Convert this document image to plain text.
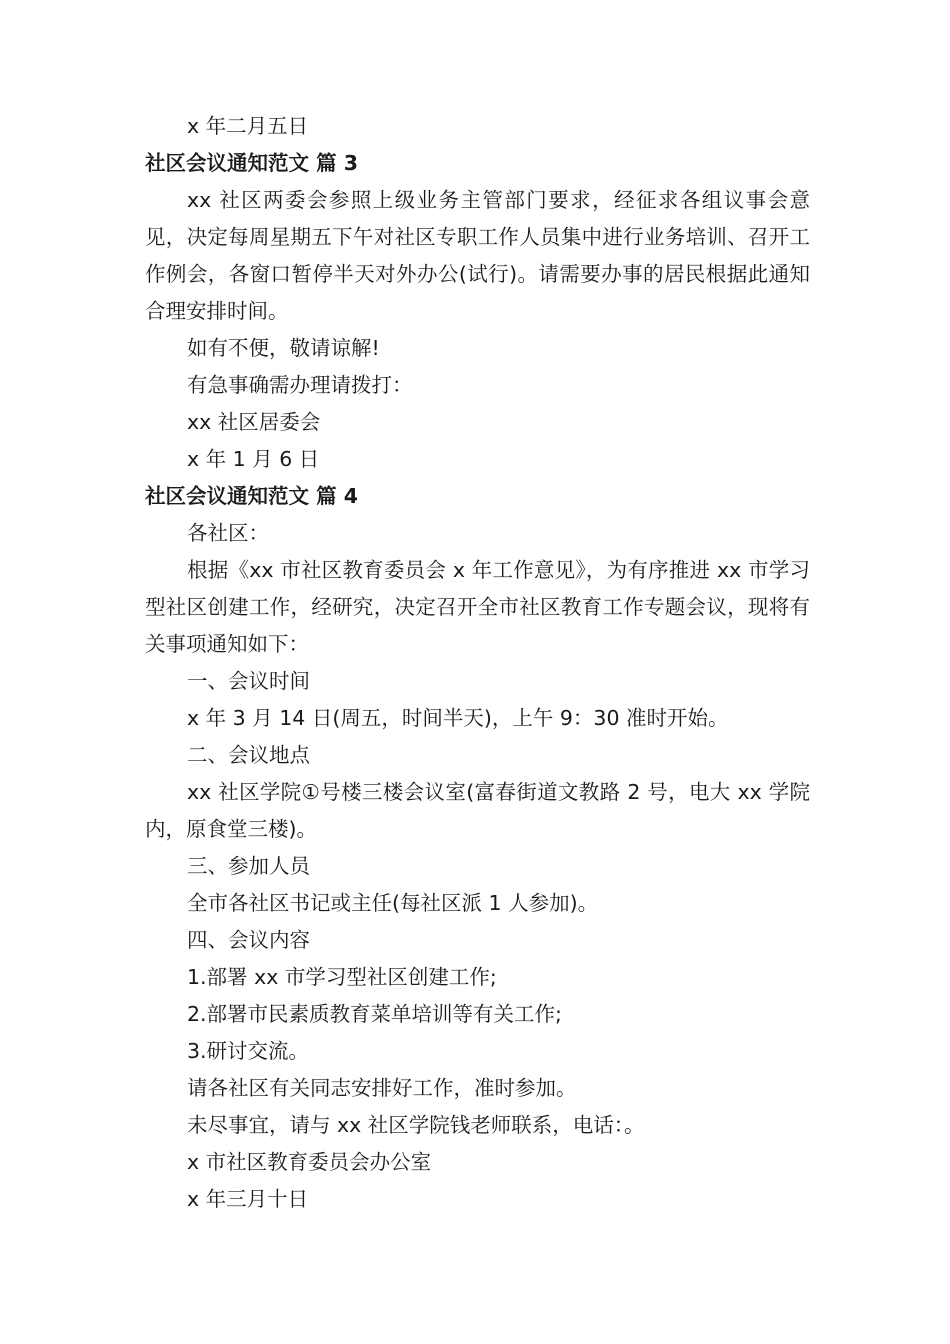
x 年二月五日

社区会议通知范文 篇 3

xx 社区两委会参照上级业务主管部门要求，经征求各组议事会意见，决定每周星期五下午对社区专职工作人员集中进行业务培训、召开工作例会，各窗口暂停半天对外办公(试行)。请需要办事的居民根据此通知合理安排时间。

如有不便，敬请谅解!

有急事确需办理请拨打：

xx 社区居委会

x 年 1 月 6 日

社区会议通知范文 篇 4

各社区：

根据《xx 市社区教育委员会 x 年工作意见》，为有序推进 xx 市学习型社区创建工作，经研究，决定召开全市社区教育工作专题会议，现将有关事项通知如下：

一、会议时间

x 年 3 月 14 日(周五，时间半天)，上午 9：30 准时开始。

二、会议地点

xx 社区学院①号楼三楼会议室(富春街道文教路 2 号，电大 xx 学院内，原食堂三楼)。

三、参加人员

全市各社区书记或主任(每社区派 1 人参加)。

四、会议内容

1.部署 xx 市学习型社区创建工作;

2.部署市民素质教育菜单培训等有关工作;

3.研讨交流。

请各社区有关同志安排好工作，准时参加。

未尽事宜，请与 xx 社区学院钱老师联系，电话：。

x 市社区教育委员会办公室

x 年三月十日
